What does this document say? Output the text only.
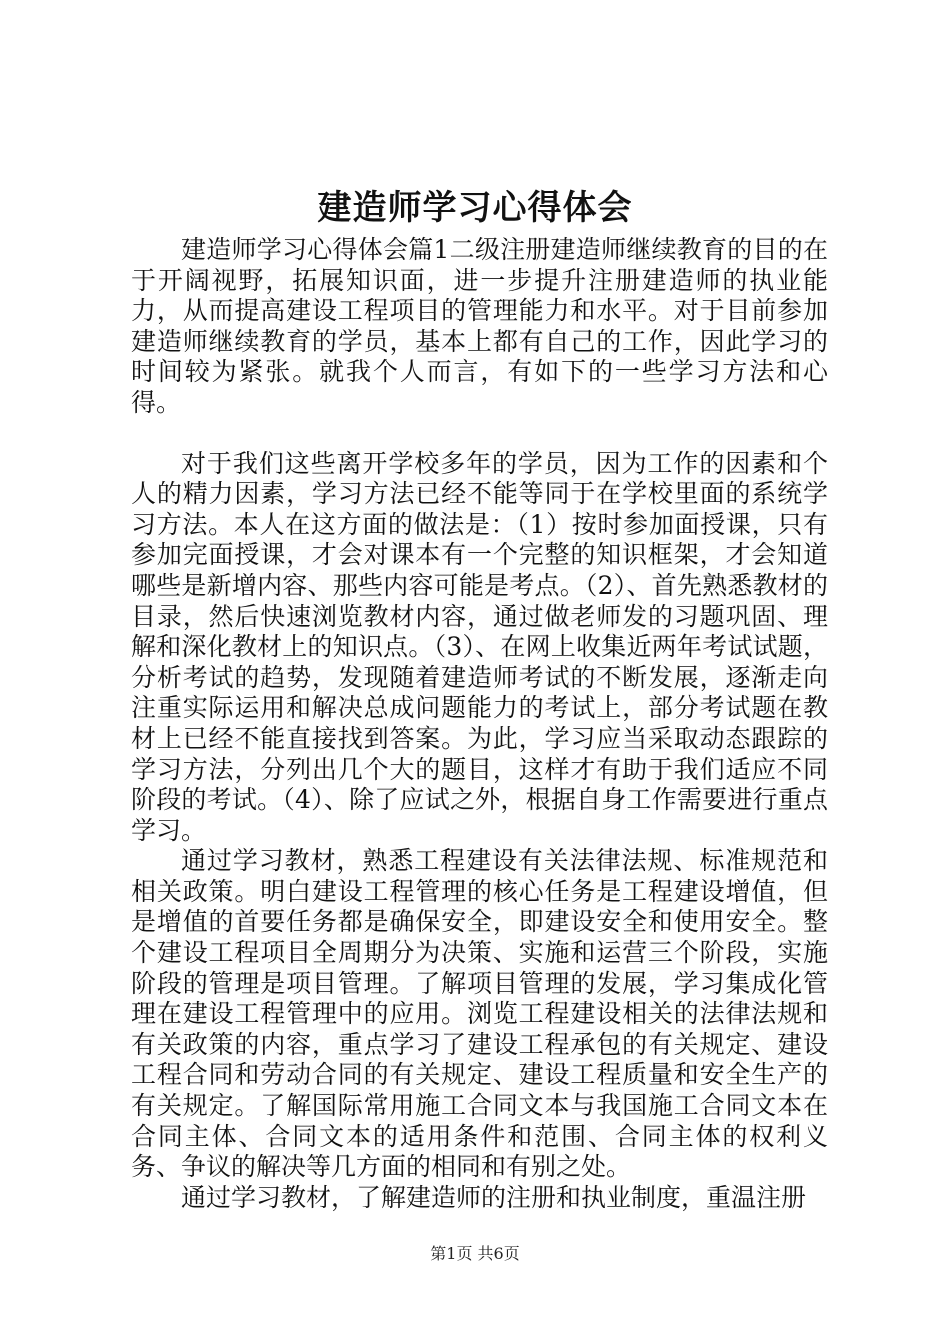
建造师学习心得体会

建造师学习心得体会篇1二级注册建造师继续教育的目的在于开阔视野，拓展知识面，进一步提升注册建造师的执业能力，从而提高建设工程项目的管理能力和水平。对于目前参加建造师继续教育的学员，基本上都有自己的工作，因此学习的时间较为紧张。就我个人而言，有如下的一些学习方法和心得。

对于我们这些离开学校多年的学员，因为工作的因素和个人的精力因素，学习方法已经不能等同于在学校里面的系统学习方法。本人在这方面的做法是：（1）按时参加面授课，只有参加完面授课，才会对课本有一个完整的知识框架，才会知道哪些是新增内容、那些内容可能是考点。（2）、首先熟悉教材的目录，然后快速浏览教材内容，通过做老师发的习题巩固、理解和深化教材上的知识点。（3）、在网上收集近两年考试试题，分析考试的趋势，发现随着建造师考试的不断发展，逐渐走向注重实际运用和解决总成问题能力的考试上，部分考试题在教材上已经不能直接找到答案。为此，学习应当采取动态跟踪的学习方法，分列出几个大的题目，这样才有助于我们适应不同阶段的考试。（4）、除了应试之外，根据自身工作需要进行重点学习。

通过学习教材，熟悉工程建设有关法律法规、标准规范和相关政策。明白建设工程管理的核心任务是工程建设增值，但是增值的首要任务都是确保安全，即建设安全和使用安全。整个建设工程项目全周期分为决策、实施和运营三个阶段，实施阶段的管理是项目管理。了解项目管理的发展，学习集成化管理在建设工程管理中的应用。浏览工程建设相关的法律法规和有关政策的内容，重点学习了建设工程承包的有关规定、建设工程合同和劳动合同的有关规定、建设工程质量和安全生产的有关规定。了解国际常用施工合同文本与我国施工合同文本在合同主体、合同文本的适用条件和范围、合同主体的权利义务、争议的解决等几方面的相同和有别之处。

通过学习教材，了解建造师的注册和执业制度，重温注册

第1页 共6页
